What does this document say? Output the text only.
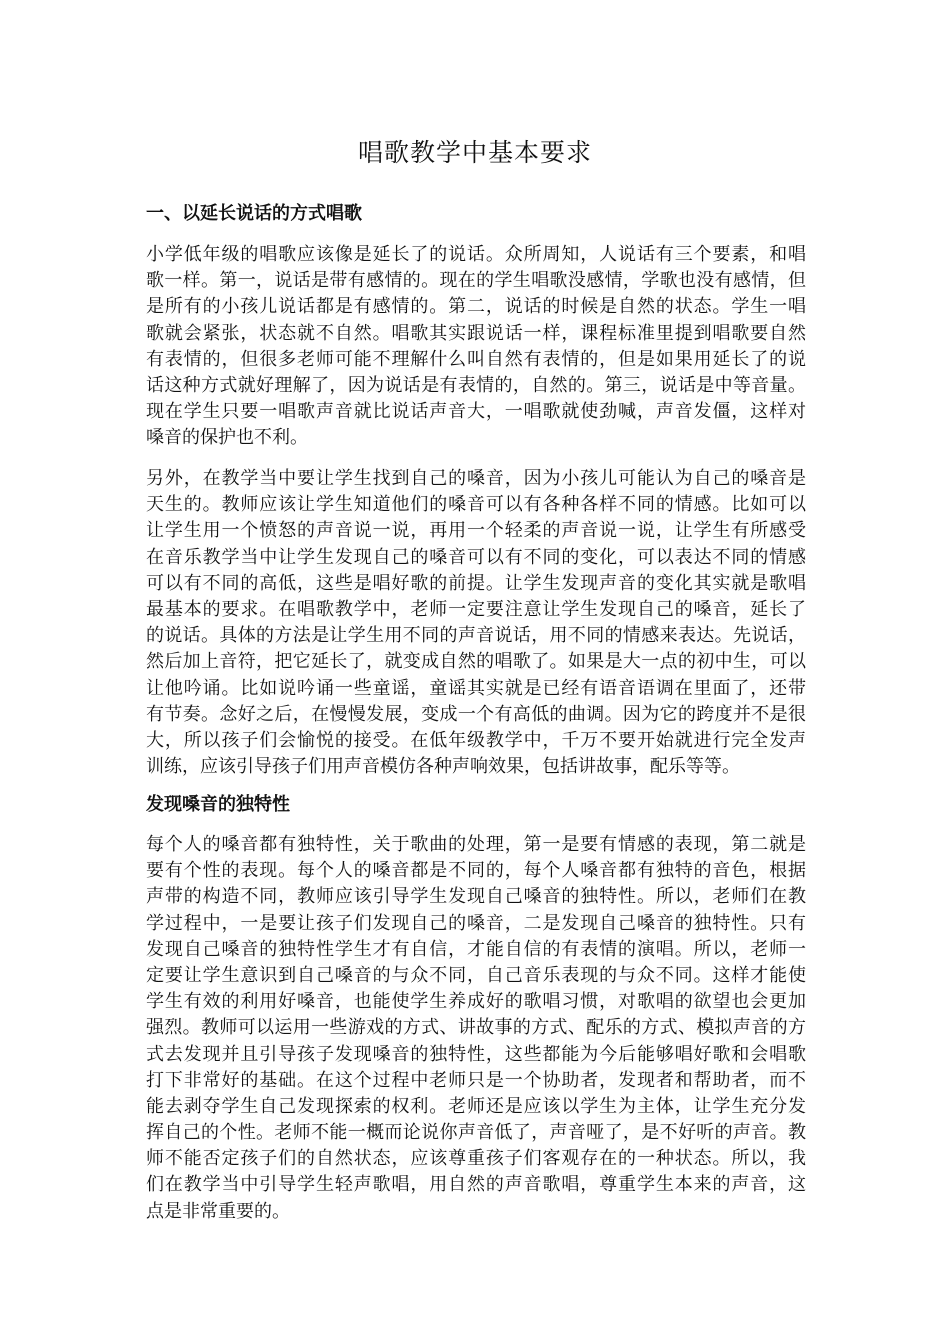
唱歌教学中基本要求
一、以延长说话的方式唱歌
小学低年级的唱歌应该像是延长了的说话。众所周知，人说话有三个要素，和唱
歌一样。第一，说话是带有感情的。现在的学生唱歌没感情，学歌也没有感情，但
是所有的小孩儿说话都是有感情的。第二，说话的时候是自然的状态。学生一唱
歌就会紧张，状态就不自然。唱歌其实跟说话一样，课程标准里提到唱歌要自然
有表情的，但很多老师可能不理解什么叫自然有表情的，但是如果用延长了的说
话这种方式就好理解了，因为说话是有表情的，自然的。第三，说话是中等音量。
现在学生只要一唱歌声音就比说话声音大，一唱歌就使劲喊，声音发僵，这样对
嗓音的保护也不利。
另外，在教学当中要让学生找到自己的嗓音，因为小孩儿可能认为自己的嗓音是
天生的。教师应该让学生知道他们的嗓音可以有各种各样不同的情感。比如可以
让学生用一个愤怒的声音说一说，再用一个轻柔的声音说一说，让学生有所感受
在音乐教学当中让学生发现自己的嗓音可以有不同的变化，可以表达不同的情感
可以有不同的高低，这些是唱好歌的前提。让学生发现声音的变化其实就是歌唱
最基本的要求。在唱歌教学中，老师一定要注意让学生发现自己的嗓音，延长了
的说话。具体的方法是让学生用不同的声音说话，用不同的情感来表达。先说话，
然后加上音符，把它延长了，就变成自然的唱歌了。如果是大一点的初中生，可以
让他吟诵。比如说吟诵一些童谣，童谣其实就是已经有语音语调在里面了，还带
有节奏。念好之后，在慢慢发展，变成一个有高低的曲调。因为它的跨度并不是很
大，所以孩子们会愉悦的接受。在低年级教学中，千万不要开始就进行完全发声
训练，应该引导孩子们用声音模仿各种声响效果，包括讲故事，配乐等等。
发现嗓音的独特性
每个人的嗓音都有独特性，关于歌曲的处理，第一是要有情感的表现，第二就是
要有个性的表现。每个人的嗓音都是不同的，每个人嗓音都有独特的音色，根据
声带的构造不同，教师应该引导学生发现自己嗓音的独特性。所以，老师们在教
学过程中，一是要让孩子们发现自己的嗓音，二是发现自己嗓音的独特性。只有
发现自己嗓音的独特性学生才有自信，才能自信的有表情的演唱。所以，老师一
定要让学生意识到自己嗓音的与众不同，自己音乐表现的与众不同。这样才能使
学生有效的利用好嗓音，也能使学生养成好的歌唱习惯，对歌唱的欲望也会更加
强烈。教师可以运用一些游戏的方式、讲故事的方式、配乐的方式、模拟声音的方
式去发现并且引导孩子发现嗓音的独特性，这些都能为今后能够唱好歌和会唱歌
打下非常好的基础。在这个过程中老师只是一个协助者，发现者和帮助者，而不
能去剥夺学生自己发现探索的权利。老师还是应该以学生为主体，让学生充分发
挥自己的个性。老师不能一概而论说你声音低了，声音哑了，是不好听的声音。教
师不能否定孩子们的自然状态，应该尊重孩子们客观存在的一种状态。所以，我
们在教学当中引导学生轻声歌唱，用自然的声音歌唱，尊重学生本来的声音，这
点是非常重要的。
